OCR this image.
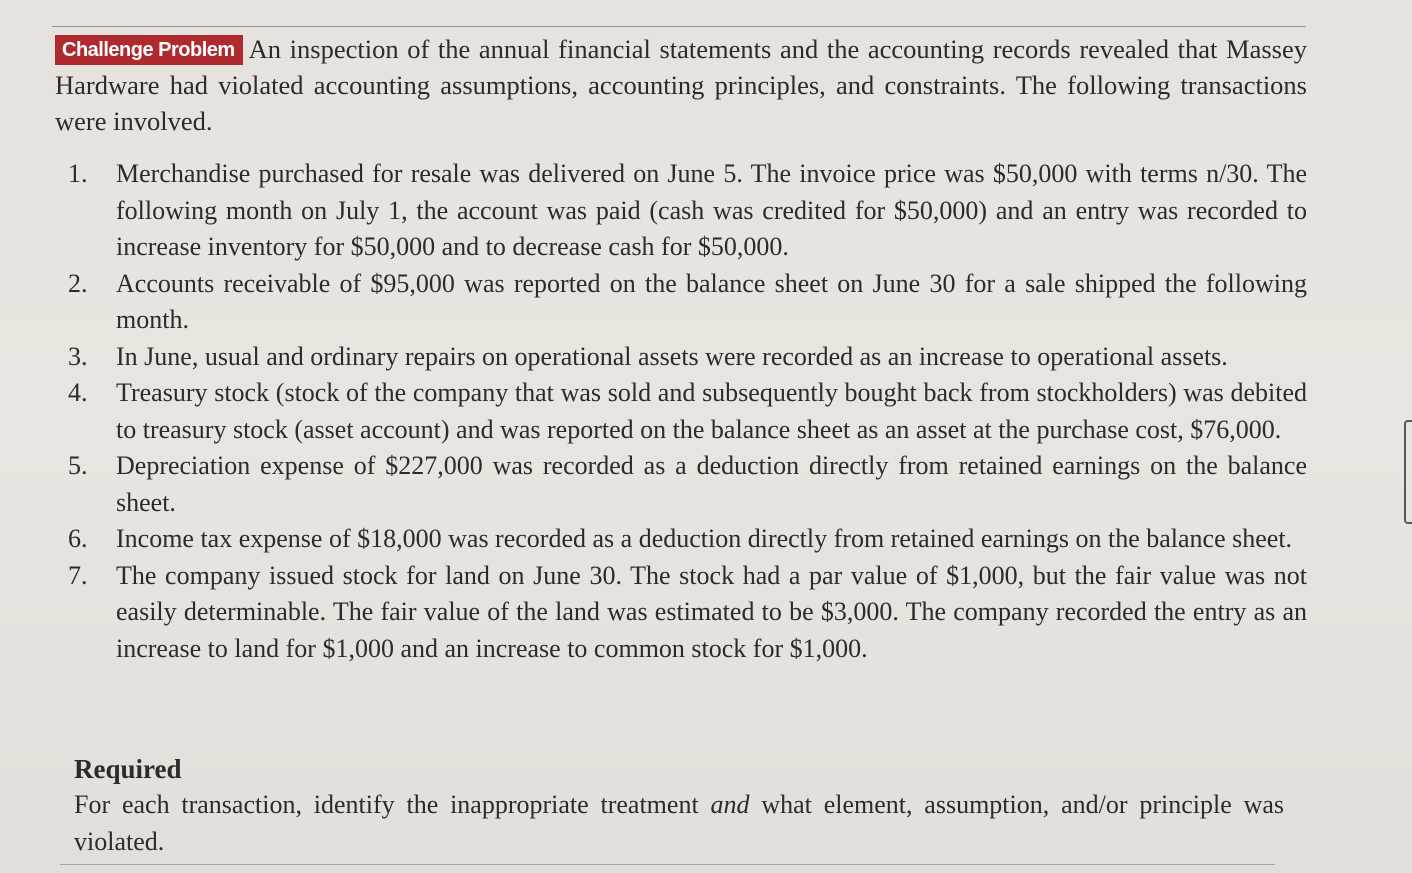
Challenge Problem An inspection of the annual financial statements and the accounting records revealed that Massey Hardware had violated accounting assumptions, accounting principles, and constraints. The following transactions were involved.
1. Merchandise purchased for resale was delivered on June 5. The invoice price was $50,000 with terms n/30. The following month on July 1, the account was paid (cash was credited for $50,000) and an entry was recorded to increase inventory for $50,000 and to decrease cash for $50,000.
2. Accounts receivable of $95,000 was reported on the balance sheet on June 30 for a sale shipped the following month.
3. In June, usual and ordinary repairs on operational assets were recorded as an increase to operational assets.
4. Treasury stock (stock of the company that was sold and subsequently bought back from stockholders) was debited to treasury stock (asset account) and was reported on the balance sheet as an asset at the purchase cost, $76,000.
5. Depreciation expense of $227,000 was recorded as a deduction directly from retained earnings on the balance sheet.
6. Income tax expense of $18,000 was recorded as a deduction directly from retained earnings on the balance sheet.
7. The company issued stock for land on June 30. The stock had a par value of $1,000, but the fair value was not easily determinable. The fair value of the land was estimated to be $3,000. The company recorded the entry as an increase to land for $1,000 and an increase to common stock for $1,000.
Required
For each transaction, identify the inappropriate treatment and what element, assumption, and/or principle was violated.
